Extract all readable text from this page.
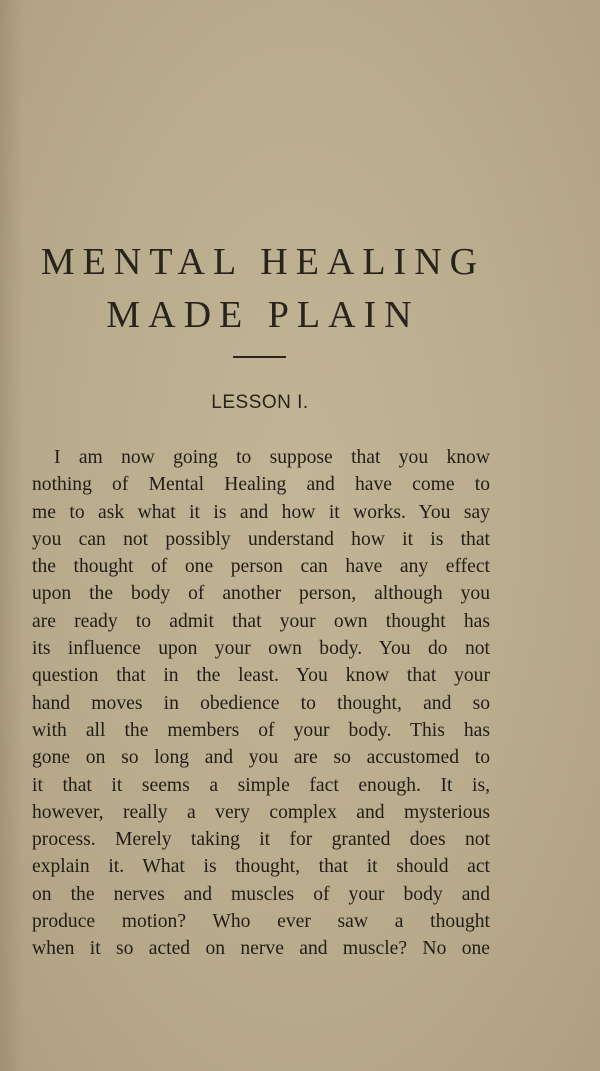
MENTAL HEALING
MADE PLAIN
LESSON I.
I am now going to suppose that you know
nothing of Mental Healing and have come to
me to ask what it is and how it works. You say
you can not possibly understand how it is that
the thought of one person can have any effect
upon the body of another person, although you
are ready to admit that your own thought has
its influence upon your own body. You do not
question that in the least. You know that your
hand moves in obedience to thought, and so
with all the members of your body. This has
gone on so long and you are so accustomed to
it that it seems a simple fact enough. It is,
however, really a very complex and mysterious
process. Merely taking it for granted does not
explain it. What is thought, that it should act
on the nerves and muscles of your body and
produce motion? Who ever saw a thought
when it so acted on nerve and muscle? No one
